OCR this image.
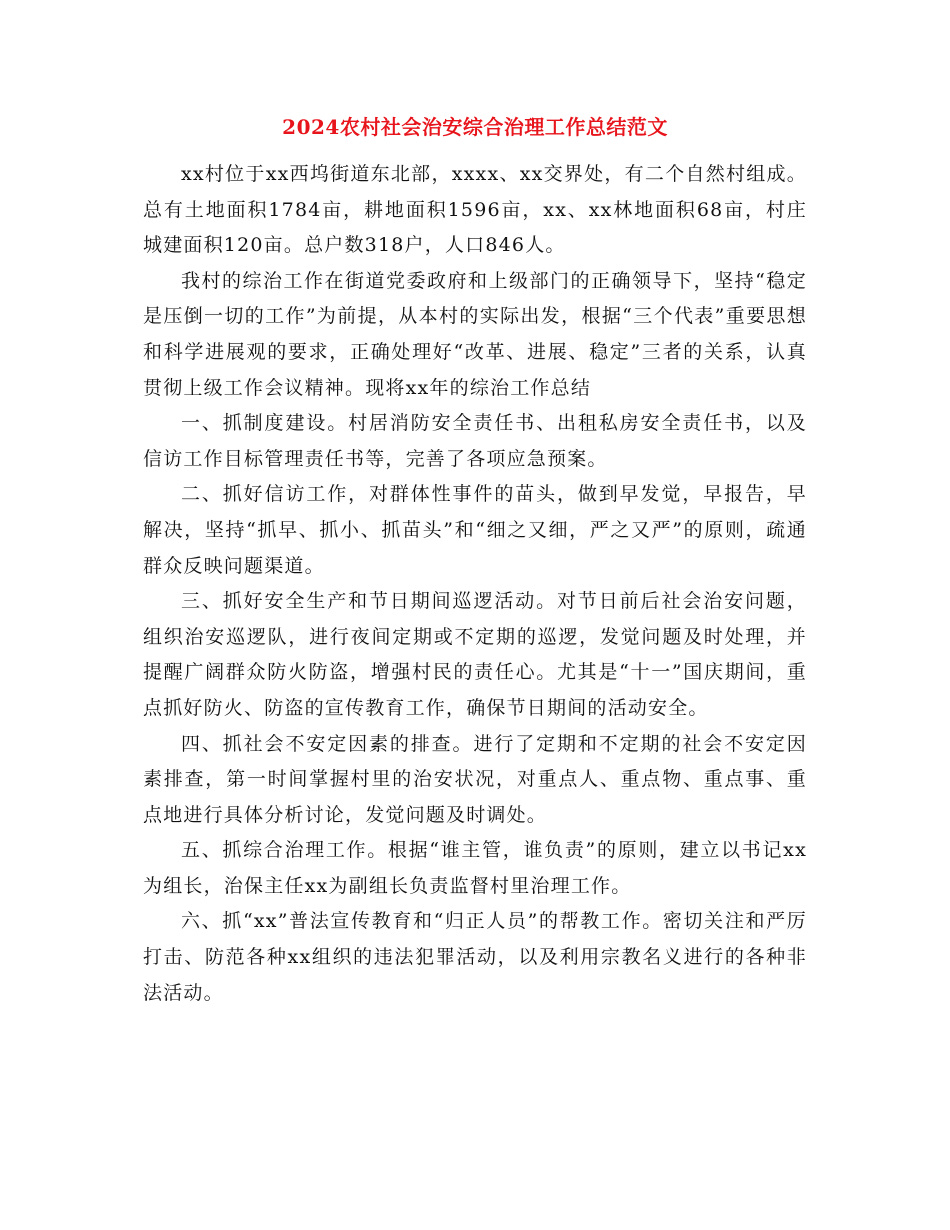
2024农村社会治安综合治理工作总结范文

xx村位于xx西坞街道东北部，xxxx、xx交界处，有二个自然村组成。总有土地面积1784亩，耕地面积1596亩，xx、xx林地面积68亩，村庄城建面积120亩。总户数318户，人口846人。

我村的综治工作在街道党委政府和上级部门的正确领导下，坚持“稳定是压倒一切的工作”为前提，从本村的实际出发，根据“三个代表”重要思想和科学进展观的要求，正确处理好“改革、进展、稳定”三者的关系，认真贯彻上级工作会议精神。现将xx年的综治工作总结

一、抓制度建设。村居消防安全责任书、出租私房安全责任书，以及信访工作目标管理责任书等，完善了各项应急预案。

二、抓好信访工作，对群体性事件的苗头，做到早发觉，早报告，早解决，坚持“抓早、抓小、抓苗头”和“细之又细，严之又严”的原则，疏通群众反映问题渠道。

三、抓好安全生产和节日期间巡逻活动。对节日前后社会治安问题，组织治安巡逻队，进行夜间定期或不定期的巡逻，发觉问题及时处理，并提醒广阔群众防火防盗，增强村民的责任心。尤其是“十一”国庆期间，重点抓好防火、防盗的宣传教育工作，确保节日期间的活动安全。

四、抓社会不安定因素的排查。进行了定期和不定期的社会不安定因素排查，第一时间掌握村里的治安状况，对重点人、重点物、重点事、重点地进行具体分析讨论，发觉问题及时调处。

五、抓综合治理工作。根据“谁主管，谁负责”的原则，建立以书记xx为组长，治保主任xx为副组长负责监督村里治理工作。

六、抓“xx”普法宣传教育和“归正人员”的帮教工作。密切关注和严厉打击、防范各种xx组织的违法犯罪活动，以及利用宗教名义进行的各种非法活动。
